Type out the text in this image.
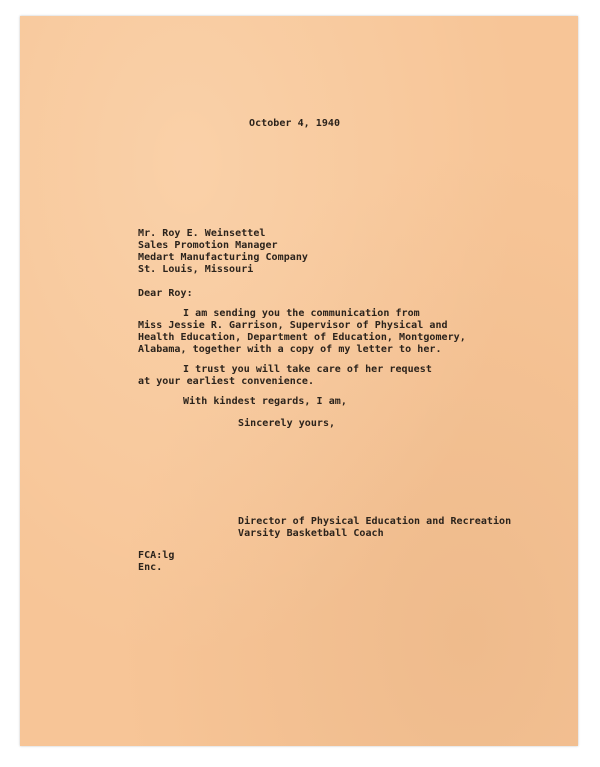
October 4, 1940
Mr. Roy E. Weinsettel
Sales Promotion Manager
Medart Manufacturing Company
St. Louis, Missouri
Dear Roy:
I am sending you the communication from
Miss Jessie R. Garrison, Supervisor of Physical and
Health Education, Department of Education, Montgomery,
Alabama, together with a copy of my letter to her.
I trust you will take care of her request
at your earliest convenience.
With kindest regards, I am,
Sincerely yours,
Director of Physical Education and Recreation
Varsity Basketball Coach
FCA:lg
Enc.
